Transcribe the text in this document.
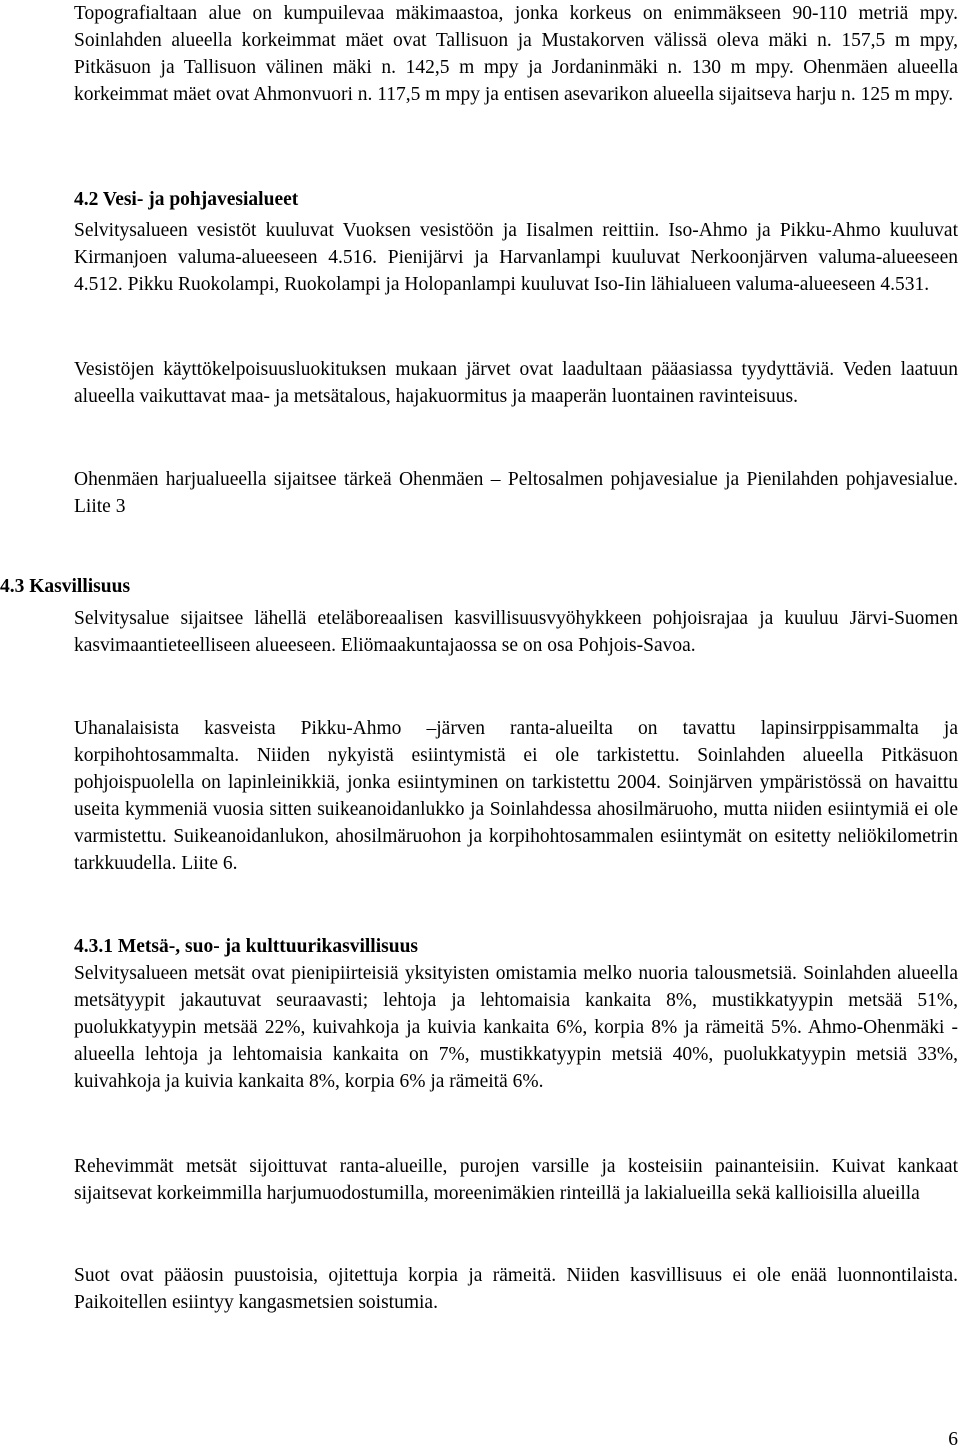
Topografialtaan alue on kumpuilevaa mäkimaastoa, jonka korkeus on enimmäkseen 90-110 metriä mpy. Soinlahden alueella korkeimmat mäet ovat Tallisuon ja Mustakorven välissä oleva mäki n. 157,5 m mpy, Pitkäsuon ja Tallisuon välinen mäki n. 142,5 m mpy ja Jordaninmäki n. 130 m mpy. Ohenmäen alueella korkeimmat mäet ovat Ahmonvuori n. 117,5 m mpy ja entisen asevarikon alueella sijaitseva harju n. 125 m mpy.

4.2 Vesi- ja pohjavesialueet

Selvitysalueen vesistöt kuuluvat Vuoksen vesistöön ja Iisalmen reittiin. Iso-Ahmo ja Pikku-Ahmo kuuluvat Kirmanjoen valuma-alueeseen 4.516. Pienijärvi ja Harvanlampi kuuluvat Nerkoonjärven valuma-alueeseen 4.512. Pikku Ruokolampi, Ruokolampi ja Holopanlampi kuuluvat Iso-Iin lähialueen valuma-alueeseen 4.531.

Vesistöjen käyttökelpoisuusluokituksen mukaan järvet ovat laadultaan pääasiassa tyydyttäviä. Veden laatuun alueella vaikuttavat maa- ja metsätalous, hajakuormitus ja maaperän luontainen ravinteisuus.

Ohenmäen harjualueella sijaitsee tärkeä Ohenmäen – Peltosalmen pohjavesialue ja Pienilahden pohjavesialue. Liite 3

4.3 Kasvillisuus

Selvitysalue sijaitsee lähellä eteläboreaalisen kasvillisuusvyöhykkeen pohjoisrajaa ja kuuluu Järvi-Suomen kasvimaantieteelliseen alueeseen. Eliömaakuntajaossa se on osa Pohjois-Savoa.

Uhanalaisista kasveista Pikku-Ahmo –järven ranta-alueilta on tavattu lapinsirppisammalta ja korpihohtosammalta. Niiden nykyistä esiintymistä ei ole tarkistettu. Soinlahden alueella Pitkäsuon pohjoispuolella on lapinleinikkiä, jonka esiintyminen on tarkistettu 2004. Soinjärven ympäristössä on havaittu useita kymmeniä vuosia sitten suikeanoidanlukko ja Soinlahdessa ahosilmäruoho, mutta niiden esiintymiä ei ole varmistettu. Suikeanoidanlukon, ahosilmäruohon ja korpihohtosammalen esiintymät on esitetty neliökilometrin tarkkuudella. Liite 6.

4.3.1 Metsä-, suo- ja kulttuurikasvillisuus

Selvitysalueen metsät ovat pienipiirteisiä yksityisten omistamia melko nuoria talousmetsiä. Soinlahden alueella metsätyypit jakautuvat seuraavasti; lehtoja ja lehtomaisia kankaita 8%, mustikkatyypin metsää 51%, puolukkatyypin metsää 22%, kuivahkoja ja kuivia kankaita 6%, korpia 8% ja rämeitä 5%. Ahmo-Ohenmäki -alueella lehtoja ja lehtomaisia kankaita on 7%, mustikkatyypin metsiä 40%, puolukkatyypin metsiä 33%, kuivahkoja ja kuivia kankaita 8%, korpia 6% ja rämeitä 6%.

Rehevimmät metsät sijoittuvat ranta-alueille, purojen varsille ja kosteisiin painanteisiin. Kuivat kankaat sijaitsevat korkeimmilla harjumuodostumilla, moreenimäkien rinteillä ja lakialueilla sekä kallioisilla alueilla

Suot ovat pääosin puustoisia, ojitettuja korpia ja rämeitä. Niiden kasvillisuus ei ole enää luonnontilaista. Paikoitellen esiintyy kangasmetsien soistumia.

6
